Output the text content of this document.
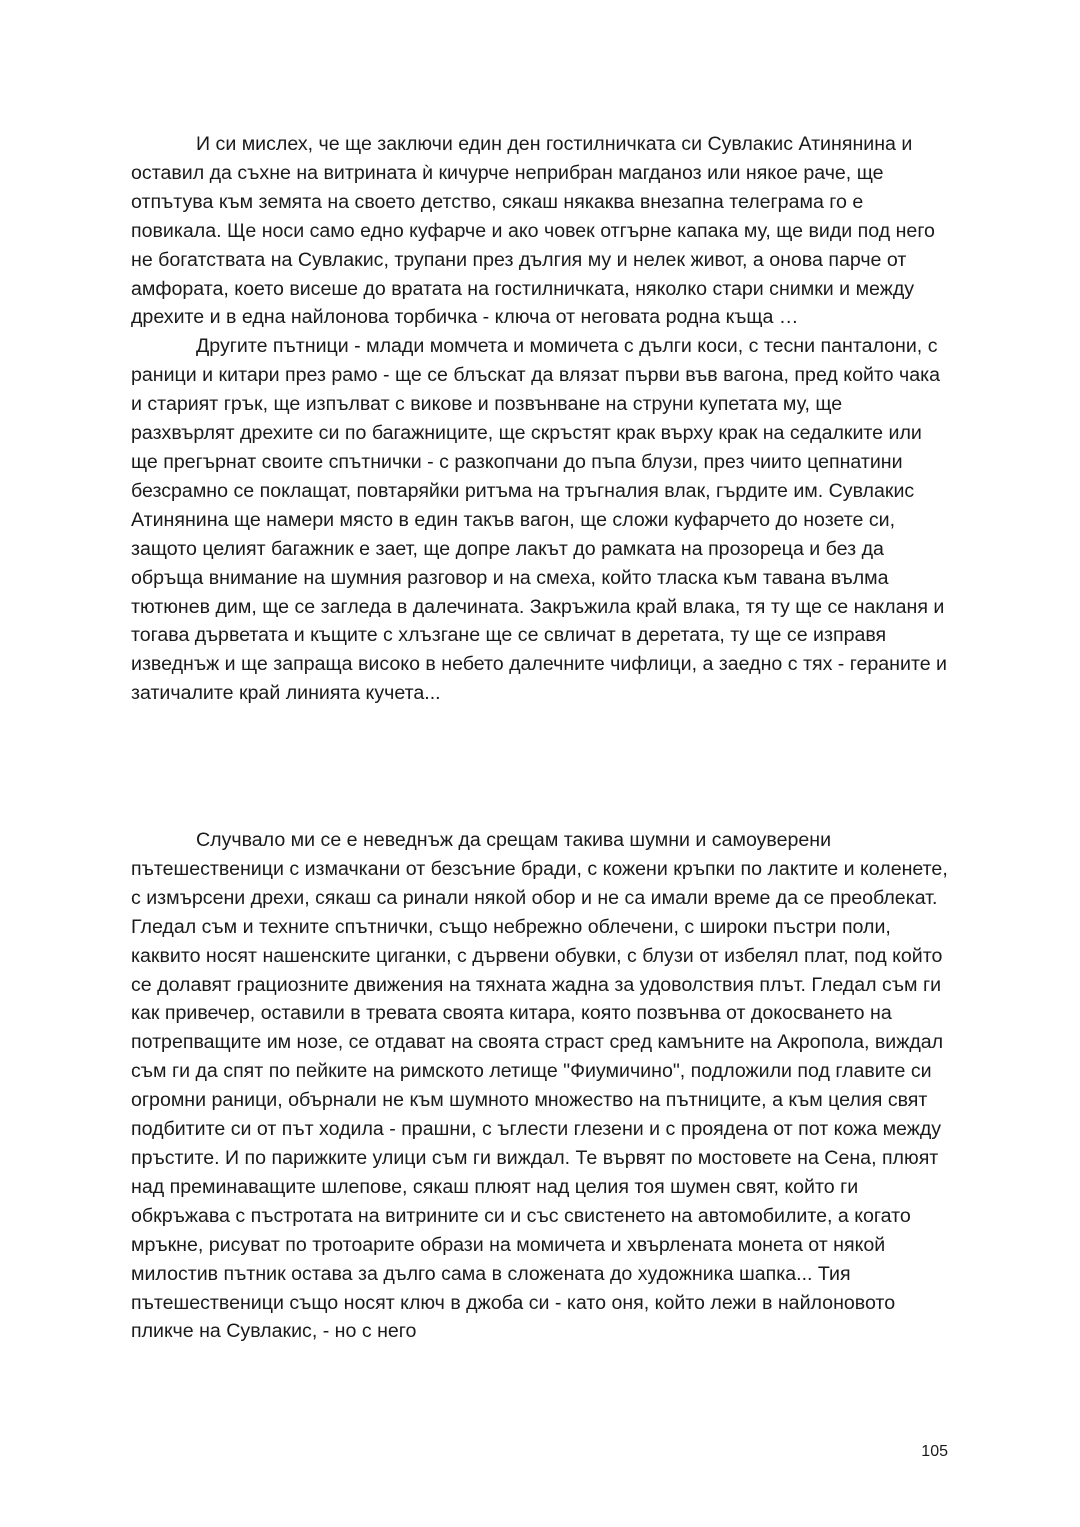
И си мислех, че ще заключи един ден гостилничката си Сувлакис Атинянина и оставил да съхне на витрината ѝ кичурче неприбран магданоз или някое раче, ще отпътува към земята на своето детство, сякаш някаква внезапна телеграма го е повикала. Ще носи само едно куфарче и ако човек отгърне капака му, ще види под него не богатствата на Сувлакис, трупани през дългия му и нелек живот, а онова парче от амфората, което висеше до вратата на гостилничката, няколко стари снимки и между дрехите и в една найлонова торбичка - ключа от неговата родна къща …

Другите пътници - млади момчета и момичета с дълги коси, с тесни панталони, с раници и китари през рамо - ще се блъскат да влязат първи във вагона, пред който чака и старият грък, ще изпълват с викове и позвънване на струни купетата му, ще разхвърлят дрехите си по багажниците, ще скръстят крак върху крак на седалките или ще прегърнат своите спътнички - с разкопчани до пъпа блузи, през чиито цепнатини безсрамно се поклащат, повтаряйки ритъма на тръгналия влак, гърдите им. Сувлакис Атинянина ще намери място в един такъв вагон, ще сложи куфарчето до нозете си, защото целият багажник е зает, ще допре лакът до рамката на прозореца и без да обръща внимание на шумния разговор и на смеха, който тласка към тавана вълма тютюнев дим, ще се загледа в далечината. Закръжила край влака, тя ту ще се накланя и тогава дърветата и къщите с хлъзгане ще се свличат в деретата, ту ще се изправя изведнъж и ще запраща високо в небето далечните чифлици, а заедно с тях - гераните и затичалите край линията кучета...

Случвало ми се е неведнъж да срещам такива шумни и самоуверени пътешественици с измачкани от безсъние бради, с кожени кръпки по лактите и коленете, с измърсени дрехи, сякаш са ринали някой обор и не са имали време да се преоблекат. Гледал съм и техните спътнички, също небрежно облечени, с широки пъстри поли, каквито носят нашенските циганки, с дървени обувки, с блузи от избелял плат, под който се долавят грациозните движения на тяхната жадна за удоволствия плът. Гледал съм ги как привечер, оставили в тревата своята китара, която позвънва от докосването на потрепващите им нозе, се отдават на своята страст сред камъните на Акропола, виждал съм ги да спят по пейките на римското летище "Фиумичино", подложили под главите си огромни раници, обърнали не към шумното множество на пътниците, а към целия свят подбитите си от път ходила - прашни, с ъглести глезени и с проядена от пот кожа между пръстите. И по парижките улици съм ги виждал. Те вървят по мостовете на Сена, плюят над преминаващите шлепове, сякаш плюят над целия тоя шумен свят, който ги обкръжава с пъстротата на витрините си и със свистенето на автомобилите, а когато мръкне, рисуват по тротоарите образи на момичета и хвърлената монета от някой милостив пътник остава за дълго сама в сложената до художника шапка... Тия пътешественици също носят ключ в джоба си - като оня, който лежи в найлоновото пликче на Сувлакис, - но с него

105
